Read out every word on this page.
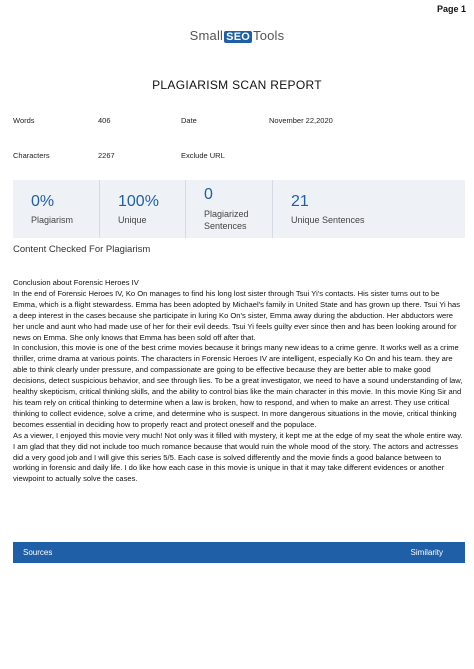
Page 1
Small SEO Tools
PLAGIARISM SCAN REPORT
Words	406	Date	November 22,2020
Characters	2267	Exclude URL
0%
Plagiarism
100%
Unique
0
Plagiarized
Sentences
21
Unique Sentences
Content Checked For Plagiarism

Conclusion about Forensic Heroes IV

In the end of Forensic Heroes IV, Ko On manages to find his long lost sister through Tsui Yi's contacts. His sister turns out to be Emma, which is a flight stewardess. Emma has been adopted by Michael's family in United State and has grown up there. Tsui Yi has a deep interest in the cases because she participate in luring Ko On's sister, Emma away during the abduction. Her abductors were her uncle and aunt who had made use of her for their evil deeds. Tsui Yi feels guilty ever since then and has been looking around for news on Emma. She only knows that Emma has been sold off after that.

In conclusion, this movie is one of the best crime movies because it brings many new ideas to a crime genre. It works well as a crime thriller, crime drama at various points. The characters in Forensic Heroes IV are intelligent, especially Ko On and his team. they are able to think clearly under pressure, and compassionate are going to be effective because they are better able to make good decisions, detect suspicious behavior, and see through lies. To be a great investigator, we need to have a sound understanding of law, healthy skepticism, critical thinking skills, and the ability to control bias like the main character in this movie. In this movie King Sir and his team rely on critical thinking to determine when a law is broken, how to respond, and when to make an arrest. They use critical thinking to collect evidence, solve a crime, and determine who is suspect. In more dangerous situations in the movie, critical thinking becomes essential in deciding how to properly react and protect oneself and the populace.

As a viewer, I enjoyed this movie very much! Not only was it filled with mystery, it kept me at the edge of my seat the whole entire way. I am glad that they did not include too much romance because that would ruin the whole mood of the story. The actors and actresses did a very good job and I will give this series 5/5. Each case is solved differently and the movie finds a good balance between to working in forensic and daily life. I do like how each case in this movie is unique in that it may take different evidences or another viewpoint to actually solve the cases.

Sources	Similarity
